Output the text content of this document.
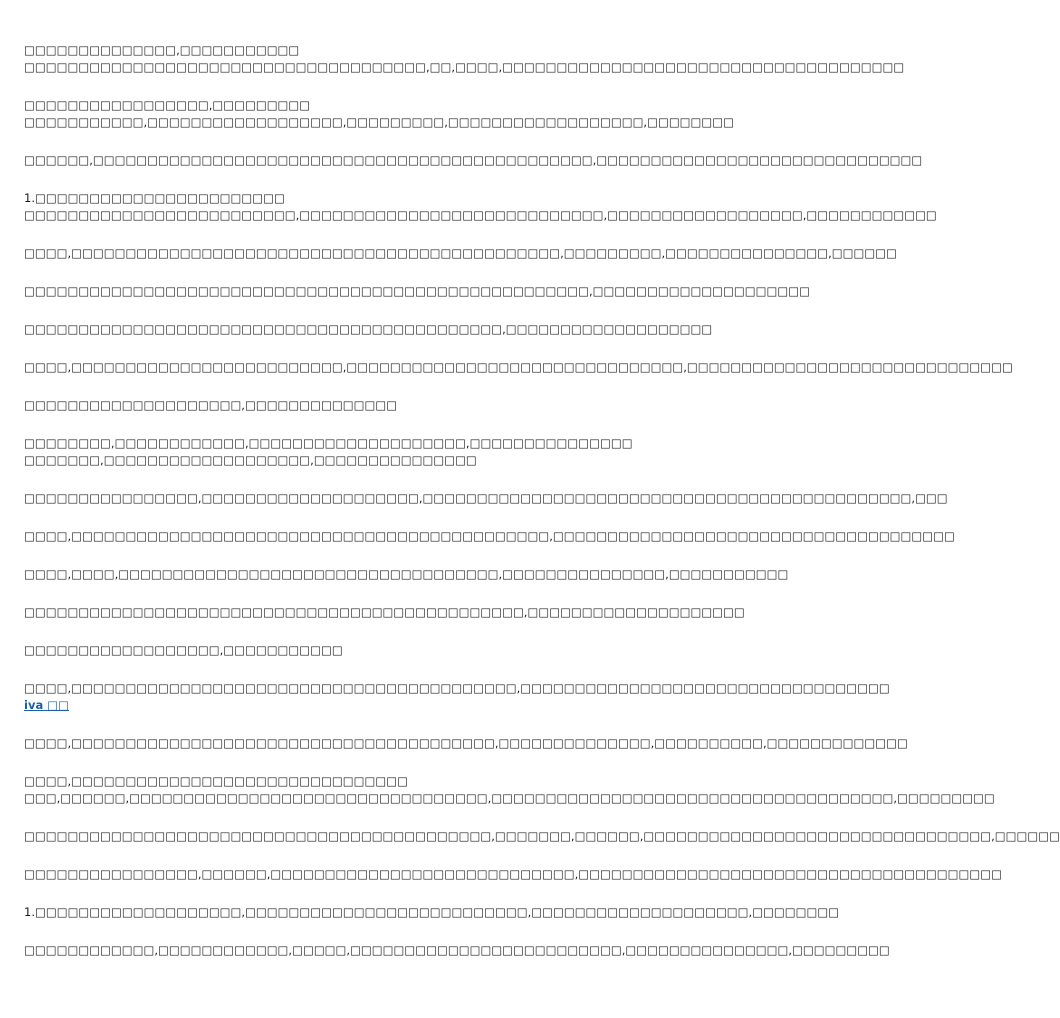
□□□□□□□□□□□□□□,□□□□□□□□□□□
□□□□□□□□□□□□□□□□□□□□□□□□□□□□□□□□□□□□□,□□,□□□□,□□□□□□□□□□□□□□□□□□□□□□□□□□□□□□□□□□□□□

□□□□□□□□□□□□□□□□□,□□□□□□□□□
□□□□□□□□□□□,□□□□□□□□□□□□□□□□□□,□□□□□□□□□,□□□□□□□□□□□□□□□□□□,□□□□□□□□

□□□□□□,□□□□□□□□□□□□□□□□□□□□□□□□□□□□□□□□□□□□□□□□□□□□□□,□□□□□□□□□□□□□□□□□□□□□□□□□□□□□□

1.□□□□□□□□□□□□□□□□□□□□□□□
□□□□□□□□□□□□□□□□□□□□□□□□□,□□□□□□□□□□□□□□□□□□□□□□□□□□□□,□□□□□□□□□□□□□□□□□□,□□□□□□□□□□□□

□□□□,□□□□□□□□□□□□□□□□□□□□□□□□□□□□□□□□□□□□□□□□□□□□□,□□□□□□□□□,□□□□□□□□□□□□□□□,□□□□□□

□□□□□□□□□□□□□□□□□□□□□□□□□□□□□□□□□□□□□□□□□□□□□□□□□□□□,□□□□□□□□□□□□□□□□□□□□

□□□□□□□□□□□□□□□□□□□□□□□□□□□□□□□□□□□□□□□□□□□□,□□□□□□□□□□□□□□□□□□□

□□□□,□□□□□□□□□□□□□□□□□□□□□□□□□,□□□□□□□□□□□□□□□□□□□□□□□□□□□□□□□,□□□□□□□□□□□□□□□□□□□□□□□□□□□□□□

□□□□□□□□□□□□□□□□□□□□,□□□□□□□□□□□□□□

□□□□□□□□,□□□□□□□□□□□□,□□□□□□□□□□□□□□□□□□□□,□□□□□□□□□□□□□□□
□□□□□□□,□□□□□□□□□□□□□□□□□□□,□□□□□□□□□□□□□□□

□□□□□□□□□□□□□□□□,□□□□□□□□□□□□□□□□□□□□,□□□□□□□□□□□□□□□□□□□□□□□□□□□□□□□□□□□□□□□□□□□□□,□□□

□□□□,□□□□□□□□□□□□□□□□□□□□□□□□□□□□□□□□□□□□□□□□□□□□,□□□□□□□□□□□□□□□□□□□□□□□□□□□□□□□□□□□□□

□□□□,□□□□,□□□□□□□□□□□□□□□□□□□□□□□□□□□□□□□□□□□,□□□□□□□□□□□□□□□,□□□□□□□□□□□

□□□□□□□□□□□□□□□□□□□□□□□□□□□□□□□□□□□□□□□□□□□□□□,□□□□□□□□□□□□□□□□□□□□

□□□□□□□□□□□□□□□□□□,□□□□□□□□□□□

□□□□,□□□□□□□□□□□□□□□□□□□□□□□□□□□□□□□□□□□□□□□□□,□□□□□□□□□□□□□□□□□□□□□□□□□□□□□□□□□□
iva □□

□□□□,□□□□□□□□□□□□□□□□□□□□□□□□□□□□□□□□□□□□□□□,□□□□□□□□□□□□□□,□□□□□□□□□□,□□□□□□□□□□□□□

□□□□,□□□□□□□□□□□□□□□□□□□□□□□□□□□□□□□
□□□,□□□□□□,□□□□□□□□□□□□□□□□□□□□□□□□□□□□□□□□□,□□□□□□□□□□□□□□□□□□□□□□□□□□□□□□□□□□□□□,□□□□□□□□□

□□□□□□□□□□□□□□□□□□□□□□□□□□□□□□□□□□□□□□□□□□□,□□□□□□□,□□□□□□,□□□□□□□□□□□□□□□□□□□□□□□□□□□□□□□□,□□□□□□

□□□□□□□□□□□□□□□□,□□□□□□,□□□□□□□□□□□□□□□□□□□□□□□□□□□□,□□□□□□□□□□□□□□□□□□□□□□□□□□□□□□□□□□□□□□□

1.□□□□□□□□□□□□□□□□□□□,□□□□□□□□□□□□□□□□□□□□□□□□□□,□□□□□□□□□□□□□□□□□□□□,□□□□□□□□

□□□□□□□□□□□□,□□□□□□□□□□□□,□□□□□,□□□□□□□□□□□□□□□□□□□□□□□□□,□□□□□□□□□□□□□□□,□□□□□□□□□
